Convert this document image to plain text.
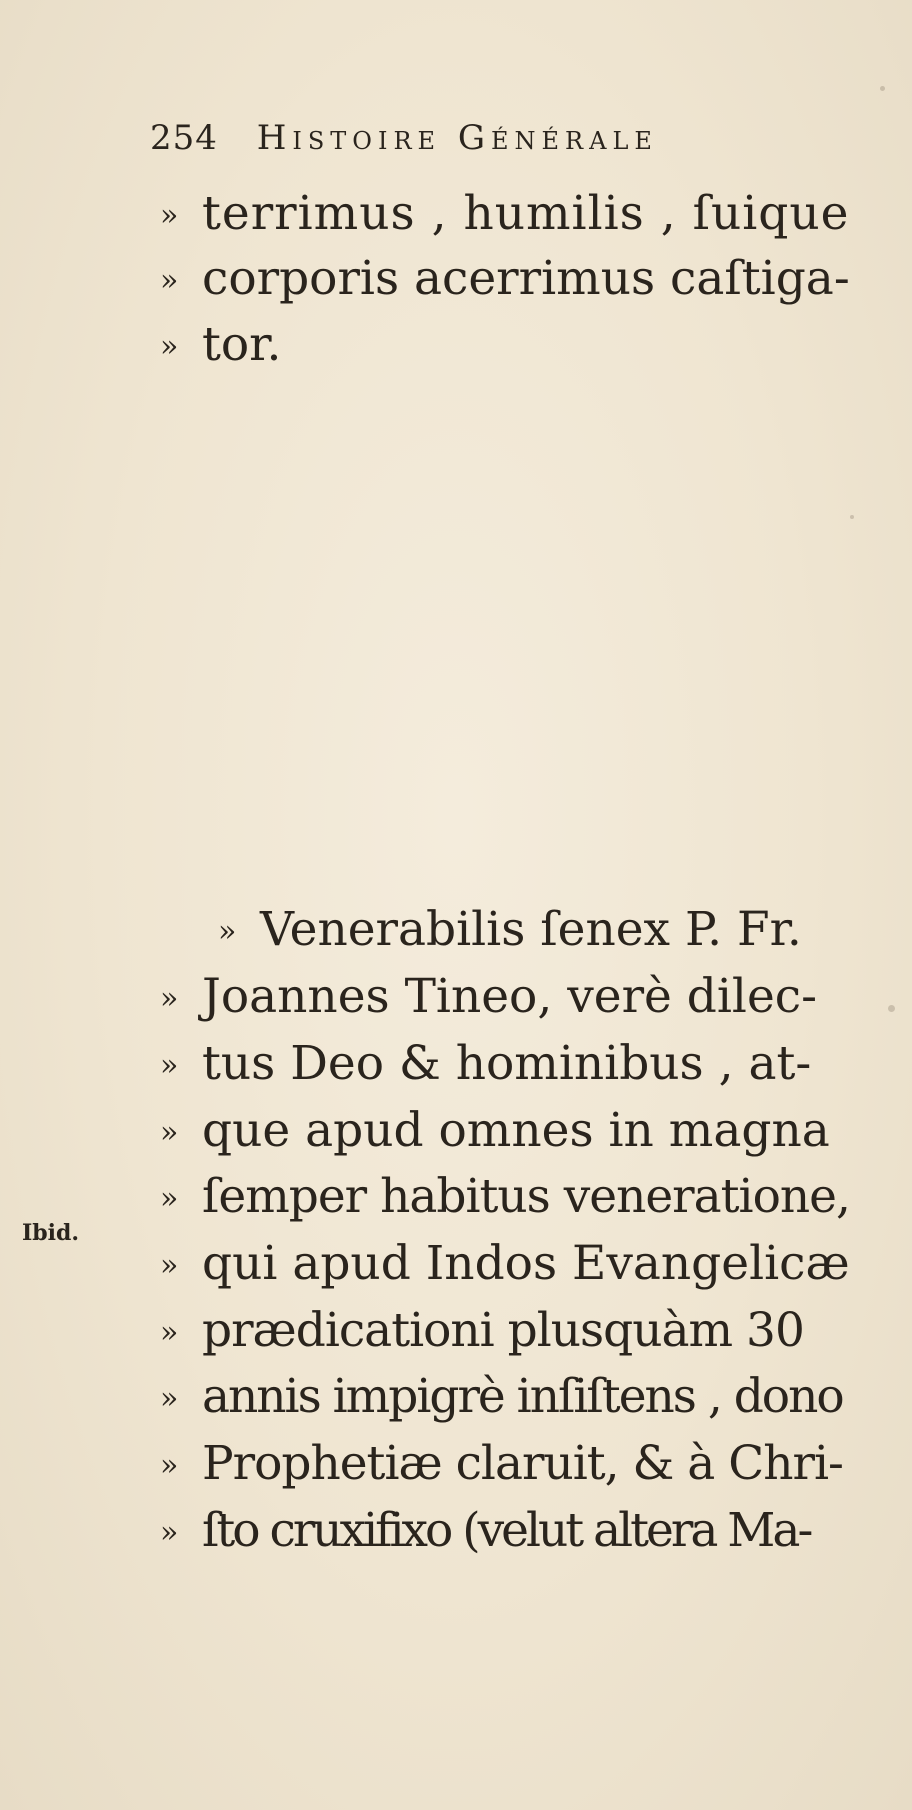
254 Histoire Générale
» terrimus , humilis , ſuique
» corporis acerrimus caſtiga-
» tor.
» Venerabilis ſenex P. Fr.
» Joannes Tineo, verè dilec-
» tus Deo & hominibus , at-
» que apud omnes in magna
» ſemper habitus veneratione,
» qui apud Indos Evangelicæ
» prædicationi plusquàm 30
» annis impigrè inſiſtens , dono
» Prophetiæ claruit, & à Chri-
» ſto cruxifixo (velut altera Ma-
Ibid.
